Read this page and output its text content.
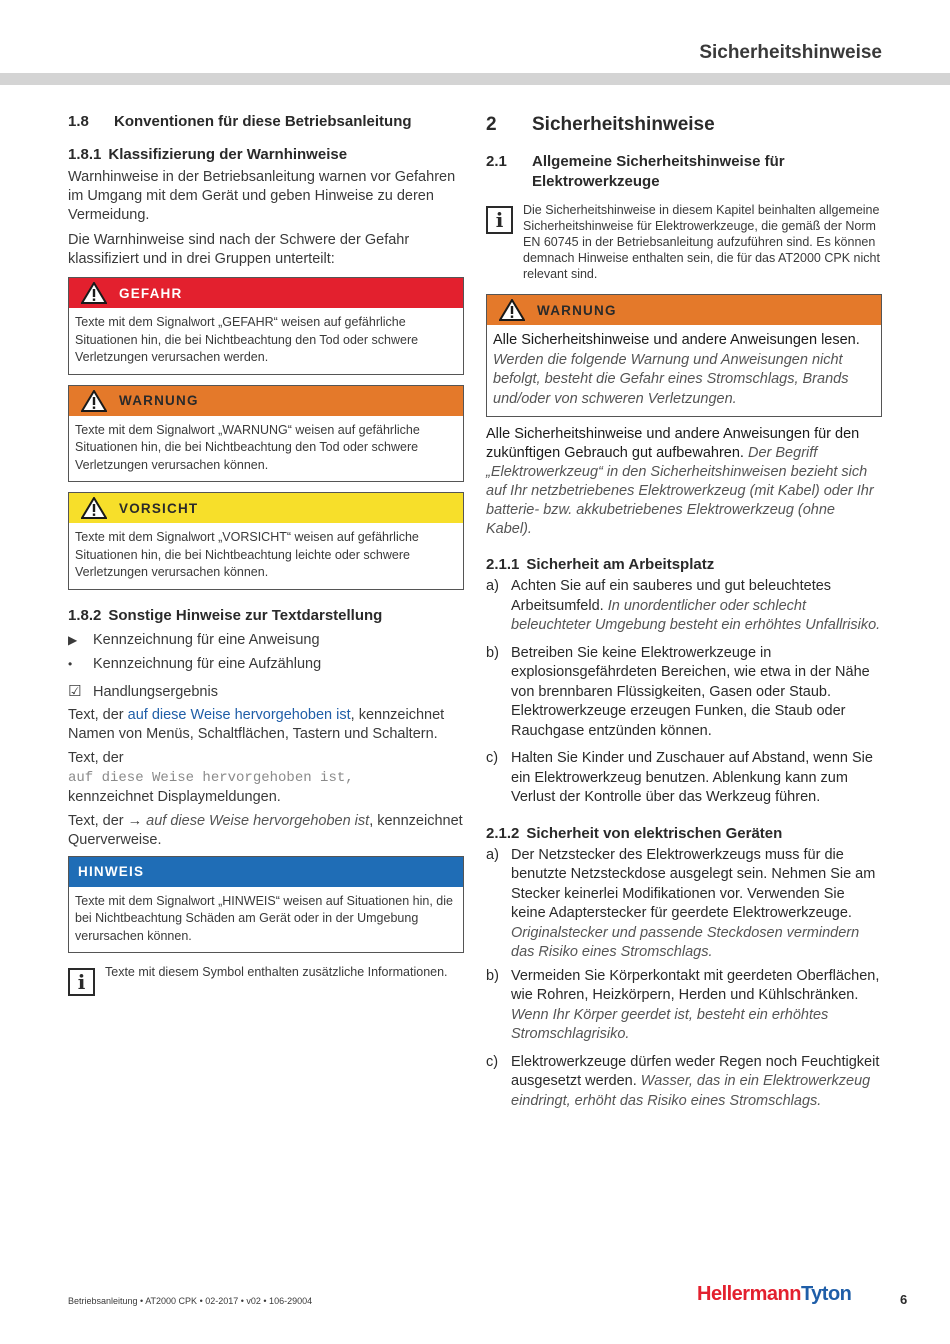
Sicherheitshinweise
1.8	Konventionen für diese Betriebsanleitung
1.8.1 Klassifizierung der Warnhinweise

Warnhinweise in der Betriebsanleitung warnen vor Gefahren im Umgang mit dem Gerät und geben Hinweise zu deren Vermeidung.

Die Warnhinweise sind nach der Schwere der Gefahr klassifiziert und in drei Gruppen unterteilt:

GEFAHR
Texte mit dem Signalwort „GEFAHR“ weisen auf gefährliche Situationen hin, die bei Nichtbeachtung den Tod oder schwere Verletzungen verursachen werden.
WARNUNG
Texte mit dem Signalwort „WARNUNG“ weisen auf gefährliche Situationen hin, die bei Nichtbeachtung den Tod oder schwere Verletzungen verursachen können.
VORSICHT
Texte mit dem Signalwort „VORSICHT“ weisen auf gefährliche Situationen hin, die bei Nichtbeachtung leichte oder schwere Verletzungen verursachen können.
1.8.2 Sonstige Hinweise zur Textdarstellung
▶	Kennzeichnung für eine Anweisung
•	Kennzeichnung für eine Aufzählung
☑ Handlungsergebnis

Text, der auf diese Weise hervorgehoben ist, kennzeichnet Namen von Menüs, Schaltflächen, Tastern und Schaltern.

Text, der
auf diese Weise hervorgehoben ist,
kennzeichnet Displaymeldungen.

Text, der → auf diese Weise hervorgehoben ist, kennzeichnet Querverweise.

HINWEIS
Texte mit dem Signalwort „HINWEIS“ weisen auf Situationen hin, die bei Nichtbeachtung Schäden am Gerät oder in der Umgebung verursachen können.
i	Texte mit diesem Symbol enthalten zusätzliche Informationen.
2	Sicherheitshinweise
2.1	Allgemeine Sicherheitshinweise für Elektrowerkzeuge
i	Die Sicherheitshinweise in diesem Kapitel beinhalten allgemeine Sicherheitshinweise für Elektrowerkzeuge, die gemäß der Norm EN 60745 in der Betriebsanleitung aufzuführen sind. Es können demnach Hinweise enthalten sein, die für das AT2000 CPK nicht relevant sind.
WARNUNG
Alle Sicherheitshinweise und andere Anweisungen lesen. Werden die folgende Warnung und Anweisungen nicht befolgt, besteht die Gefahr eines Stromschlags, Brands und/oder von schweren Verletzungen.

Alle Sicherheitshinweise und andere Anweisungen für den zukünftigen Gebrauch gut aufbewahren. Der Begriff „Elektrowerkzeug“ in den Sicherheitshinweisen bezieht sich auf Ihr netzbetriebenes Elektrowerkzeug (mit Kabel) oder Ihr batterie- bzw. akkubetriebenes Elektrowerkzeug (ohne Kabel).

2.1.1 Sicherheit am Arbeitsplatz
a) Achten Sie auf ein sauberes und gut beleuchtetes Arbeitsumfeld. In unordentlicher oder schlecht beleuchteter Umgebung besteht ein erhöhtes Unfallrisiko.
b) Betreiben Sie keine Elektrowerkzeuge in explosionsgefährdeten Bereichen, wie etwa in der Nähe von brennbaren Flüssigkeiten, Gasen oder Staub. Elektrowerkzeuge erzeugen Funken, die Staub oder Rauchgase entzünden können.
c) Halten Sie Kinder und Zuschauer auf Abstand, wenn Sie ein Elektrowerkzeug benutzen. Ablenkung kann zum Verlust der Kontrolle über das Werkzeug führen.
2.1.2 Sicherheit von elektrischen Geräten
a) Der Netzstecker des Elektrowerkzeugs muss für die benutzte Netzsteckdose ausgelegt sein. Nehmen Sie am Stecker keinerlei Modifikationen vor. Verwenden Sie keine Adapterstecker für geerdete Elektrowerkzeuge. Originalstecker und passende Steckdosen vermindern das Risiko eines Stromschlags.
b) Vermeiden Sie Körperkontakt mit geerdeten Oberflächen, wie Rohren, Heizkörpern, Herden und Kühlschränken. Wenn Ihr Körper geerdet ist, besteht ein erhöhtes Stromschlagrisiko.
c) Elektrowerkzeuge dürfen weder Regen noch Feuchtigkeit ausgesetzt werden. Wasser, das in ein Elektrowerkzeug eindringt, erhöht das Risiko eines Stromschlags.
Betriebsanleitung • AT2000 CPK • 02-2017 • v02 • 106-29004	HellermannTyton	6
